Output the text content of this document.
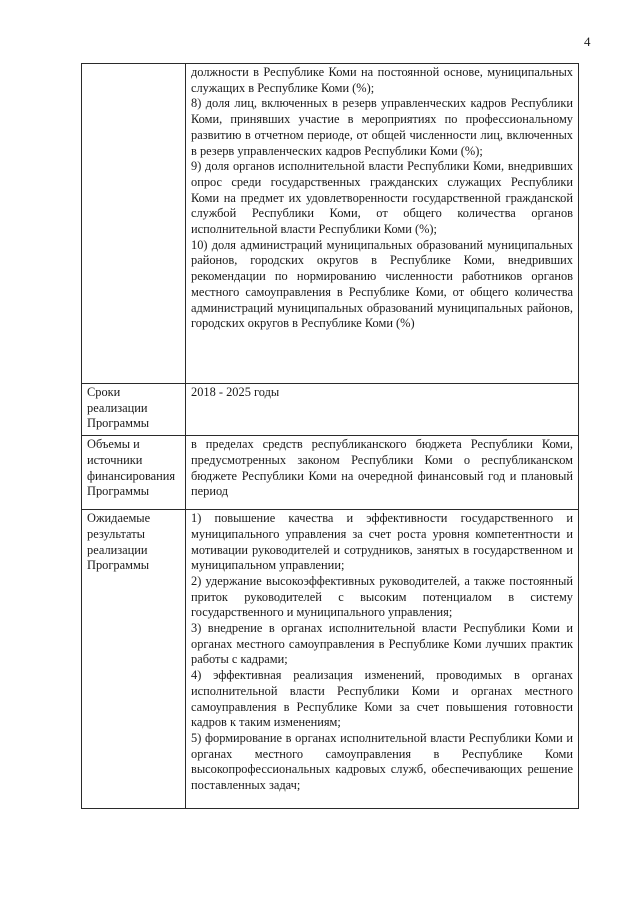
4

	должности в Республике Коми на постоянной основе, муниципальных служащих в Республике Коми (%);

8) доля лиц, включенных в резерв управленческих кадров Республики Коми, принявших участие в мероприятиях по профессиональному развитию в отчетном периоде, от общей численности лиц, включенных в резерв управленческих кадров Республики Коми (%);

9) доля органов исполнительной власти Республики Коми, внедривших опрос среди государственных гражданских служащих Республики Коми на предмет их удовлетворенности государственной гражданской службой Республики Коми, от общего количества органов исполнительной власти Республики Коми (%);

10) доля администраций муниципальных образований муниципальных районов, городских округов в Республике Коми, внедривших рекомендации по нормированию численности работников органов местного самоуправления в Республике Коми, от общего количества администраций муниципальных образований муниципальных районов, городских округов в Республике Коми (%)

Сроки реализации Программы	2018 - 2025 годы

Объемы и источники финансирования Программы	в пределах средств республиканского бюджета Республики Коми, предусмотренных законом Республики Коми о республиканском бюджете Республики Коми на очередной финансовый год и плановый период

Ожидаемые результаты реализации Программы	1) повышение качества и эффективности государственного и муниципального управления за счет роста уровня компетентности и мотивации руководителей и сотрудников, занятых в государственном и муниципальном управлении;

2) удержание высокоэффективных руководителей, а также постоянный приток руководителей с высоким потенциалом в систему государственного и муниципального управления;

3) внедрение в органах исполнительной власти Республики Коми и органах местного самоуправления в Республике Коми лучших практик работы с кадрами;

4) эффективная реализация изменений, проводимых в органах исполнительной власти Республики Коми и органах местного самоуправления в Республике Коми за счет повышения готовности кадров к таким изменениям;

5) формирование в органах исполнительной власти Республики Коми и органах местного самоуправления в Республике Коми высокопрофессиональных кадровых служб, обеспечивающих решение поставленных задач;
